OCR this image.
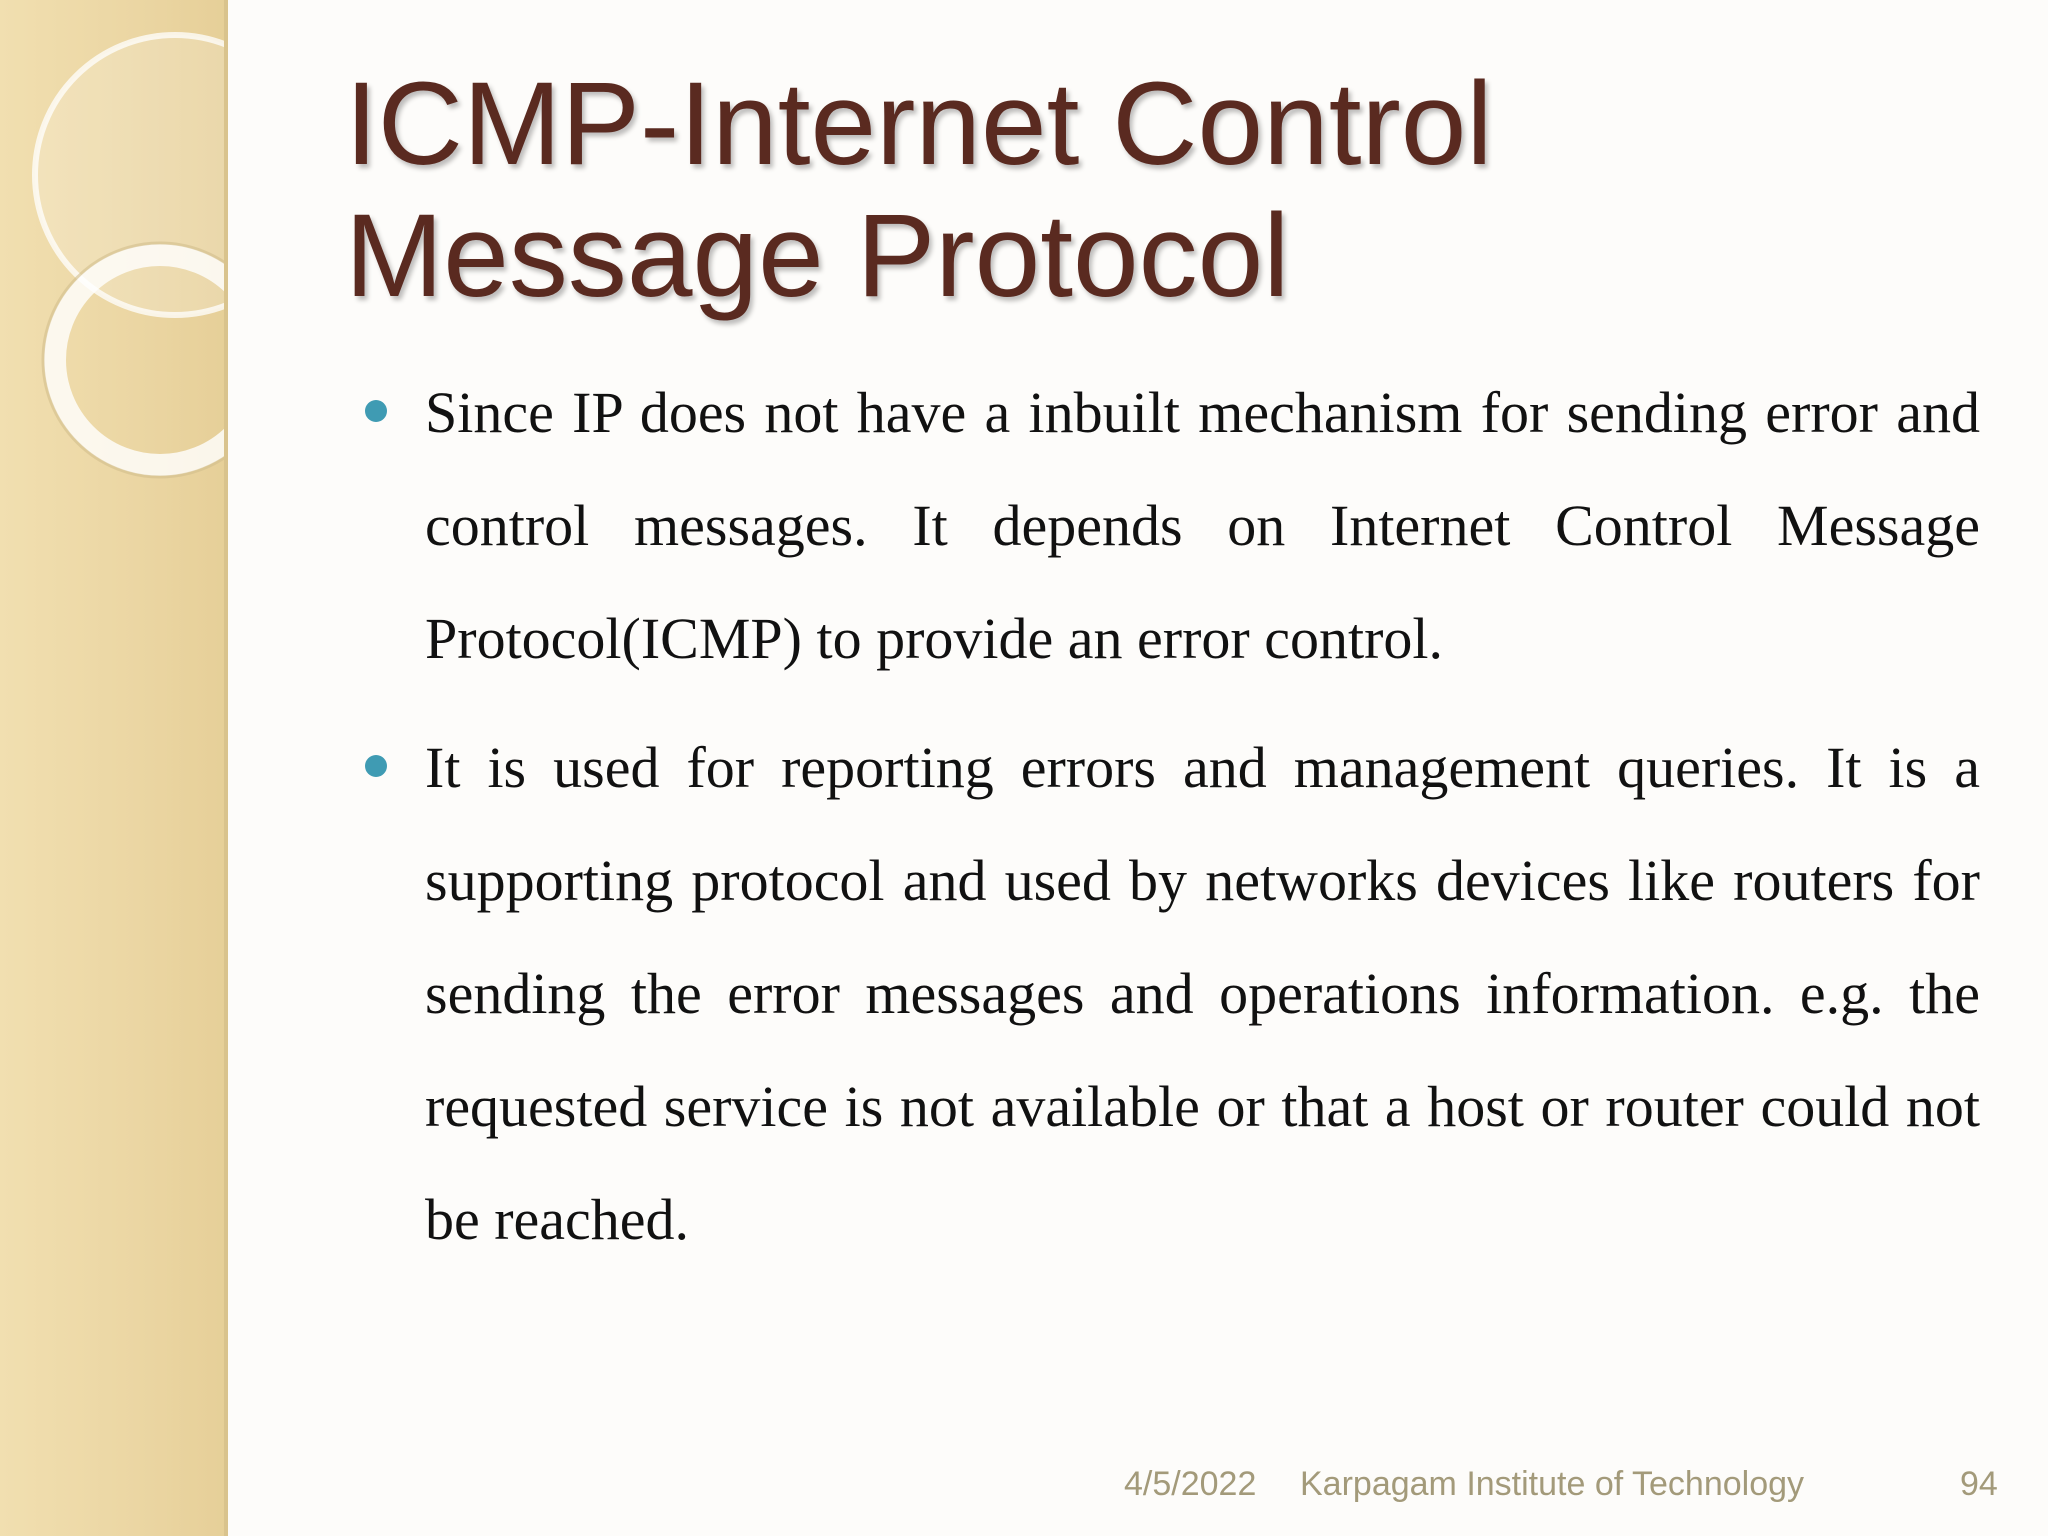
ICMP-Internet Control Message Protocol
Since IP does not have a inbuilt mechanism for sending error and control messages. It depends on Internet Control Message Protocol(ICMP) to provide an error control.
It is used for reporting errors and management queries. It is a supporting protocol and used by networks devices like routers for sending the error messages and operations information. e.g. the requested service is not available or that a host or router could not be reached.
4/5/2022 Karpagam Institute of Technology	94
